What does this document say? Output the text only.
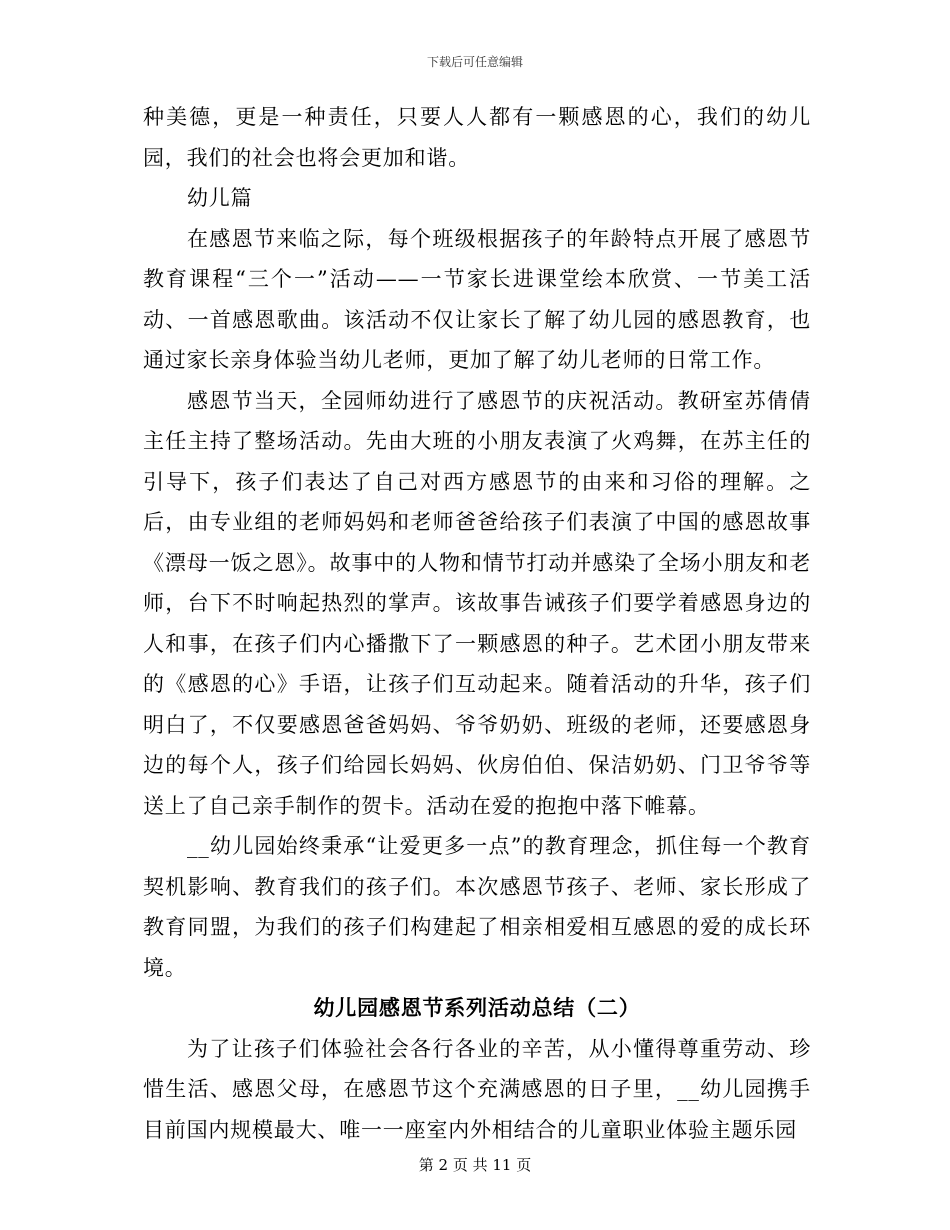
下载后可任意编辑

种美德，更是一种责任，只要人人都有一颗感恩的心，我们的幼儿园，我们的社会也将会更加和谐。

幼儿篇

在感恩节来临之际，每个班级根据孩子的年龄特点开展了感恩节教育课程“三个一”活动——一节家长进课堂绘本欣赏、一节美工活动、一首感恩歌曲。该活动不仅让家长了解了幼儿园的感恩教育，也通过家长亲身体验当幼儿老师，更加了解了幼儿老师的日常工作。

感恩节当天，全园师幼进行了感恩节的庆祝活动。教研室苏倩倩主任主持了整场活动。先由大班的小朋友表演了火鸡舞，在苏主任的引导下，孩子们表达了自己对西方感恩节的由来和习俗的理解。之后，由专业组的老师妈妈和老师爸爸给孩子们表演了中国的感恩故事《漂母一饭之恩》。故事中的人物和情节打动并感染了全场小朋友和老师，台下不时响起热烈的掌声。该故事告诫孩子们要学着感恩身边的人和事，在孩子们内心播撒下了一颗感恩的种子。艺术团小朋友带来的《感恩的心》手语，让孩子们互动起来。随着活动的升华，孩子们明白了，不仅要感恩爸爸妈妈、爷爷奶奶、班级的老师，还要感恩身边的每个人，孩子们给园长妈妈、伙房伯伯、保洁奶奶、门卫爷爷等送上了自己亲手制作的贺卡。活动在爱的抱抱中落下帷幕。

__幼儿园始终秉承“让爱更多一点”的教育理念，抓住每一个教育契机影响、教育我们的孩子们。本次感恩节孩子、老师、家长形成了教育同盟，为我们的孩子们构建起了相亲相爱相互感恩的爱的成长环境。

幼儿园感恩节系列活动总结（二）

为了让孩子们体验社会各行各业的辛苦，从小懂得尊重劳动、珍惜生活、感恩父母，在感恩节这个充满感恩的日子里，__幼儿园携手目前国内规模最大、唯一一座室内外相结合的儿童职业体验主题乐园

第 2 页 共 11 页
